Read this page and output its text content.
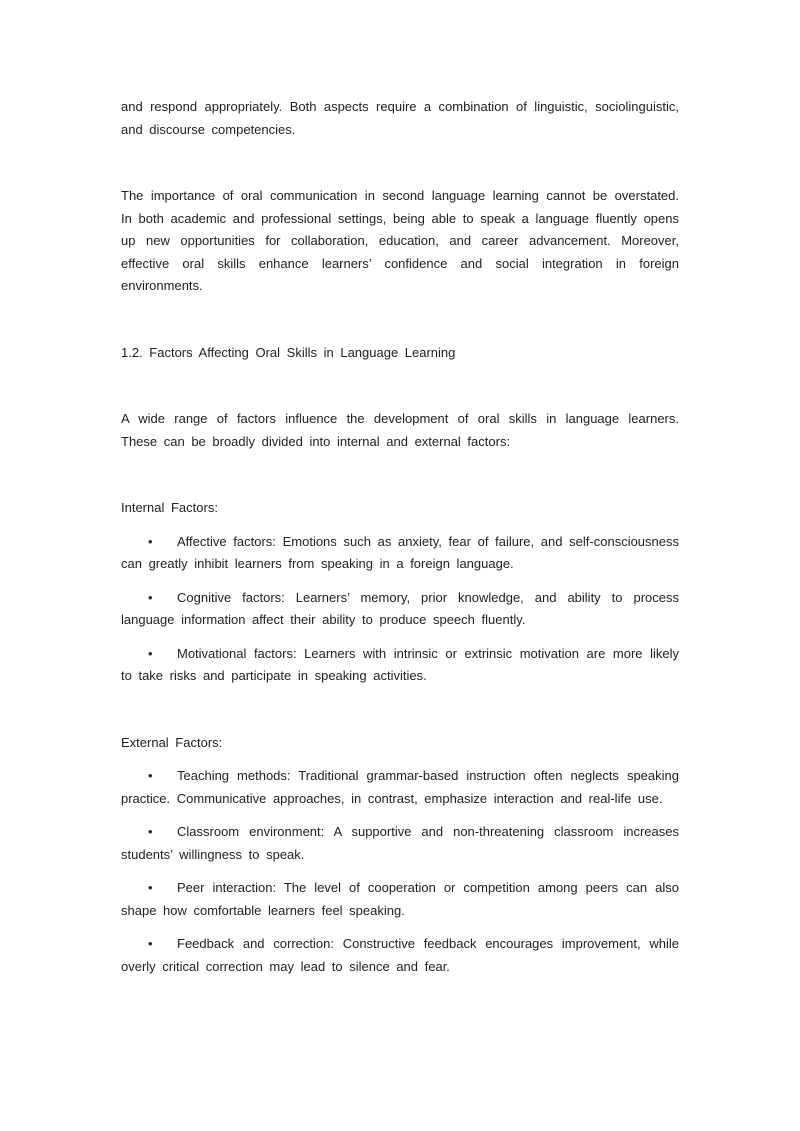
and respond appropriately. Both aspects require a combination of linguistic, sociolinguistic, and discourse competencies.

The importance of oral communication in second language learning cannot be overstated. In both academic and professional settings, being able to speak a language fluently opens up new opportunities for collaboration, education, and career advancement. Moreover, effective oral skills enhance learners’ confidence and social integration in foreign environments.

1.2. Factors Affecting Oral Skills in Language Learning

A wide range of factors influence the development of oral skills in language learners. These can be broadly divided into internal and external factors:

Internal Factors:

• Affective factors: Emotions such as anxiety, fear of failure, and self-consciousness can greatly inhibit learners from speaking in a foreign language.

• Cognitive factors: Learners’ memory, prior knowledge, and ability to process language information affect their ability to produce speech fluently.

• Motivational factors: Learners with intrinsic or extrinsic motivation are more likely to take risks and participate in speaking activities.

External Factors:

• Teaching methods: Traditional grammar-based instruction often neglects speaking practice. Communicative approaches, in contrast, emphasize interaction and real-life use.

• Classroom environment: A supportive and non-threatening classroom increases students’ willingness to speak.

• Peer interaction: The level of cooperation or competition among peers can also shape how comfortable learners feel speaking.

• Feedback and correction: Constructive feedback encourages improvement, while overly critical correction may lead to silence and fear.
